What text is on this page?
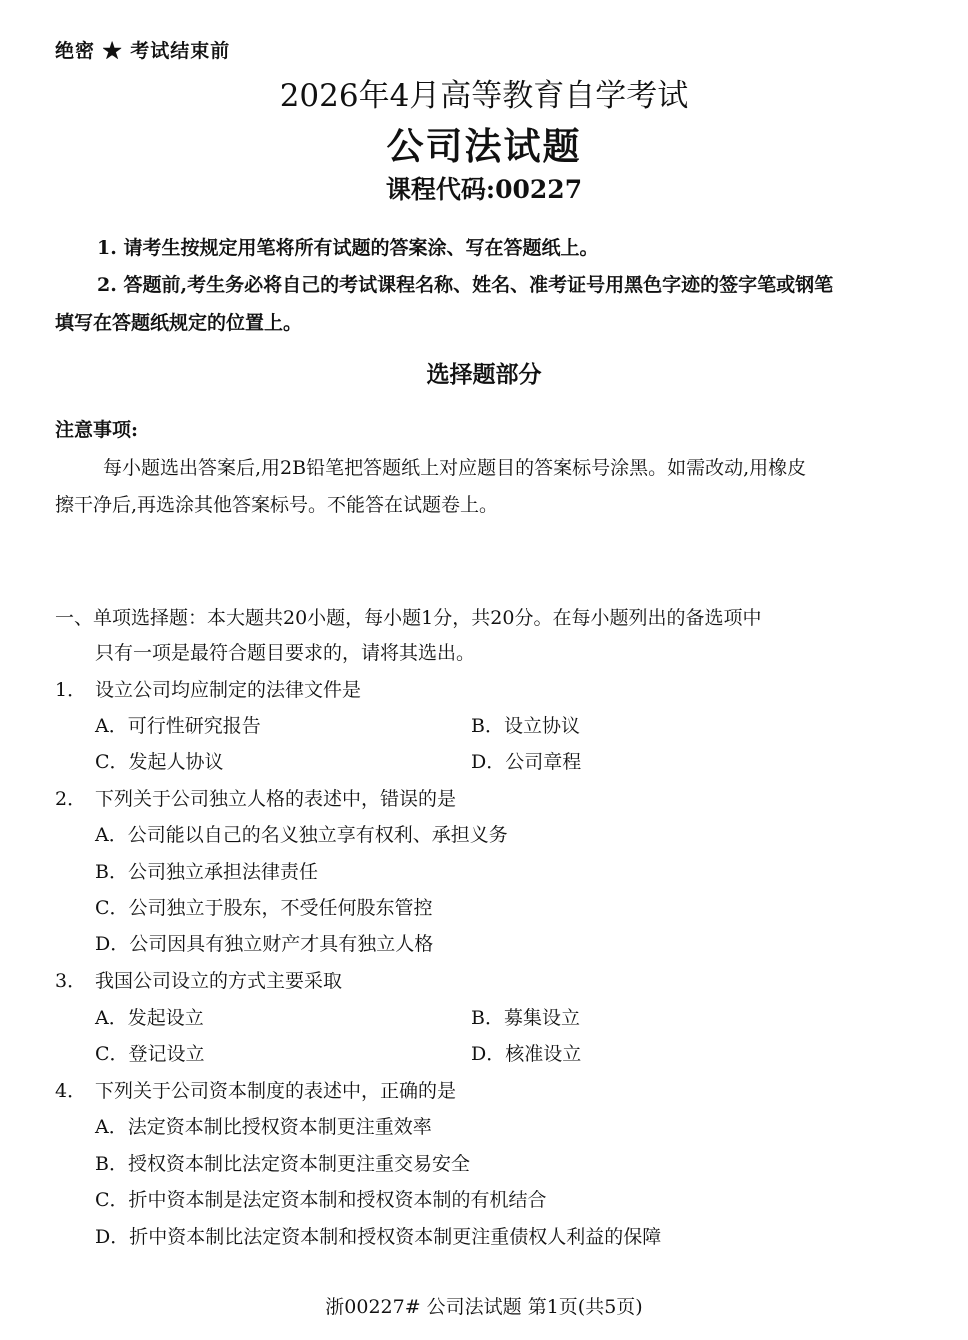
绝密 ★ 考试结束前
2026年4月高等教育自学考试
公司法试题
课程代码:00227
1. 请考生按规定用笔将所有试题的答案涂、写在答题纸上。
2. 答题前,考生务必将自己的考试课程名称、姓名、准考证号用黑色字迹的签字笔或钢笔
填写在答题纸规定的位置上。
选择题部分
注意事项:
每小题选出答案后,用2B铅笔把答题纸上对应题目的答案标号涂黑。如需改动,用橡皮
擦干净后,再选涂其他答案标号。不能答在试题卷上。
一、单项选择题：本大题共20小题，每小题1分，共20分。在每小题列出的备选项中
只有一项是最符合题目要求的，请将其选出。
1． 设立公司均应制定的法律文件是
A．可行性研究报告	B．设立协议
C．发起人协议	D．公司章程
2． 下列关于公司独立人格的表述中，错误的是
A．公司能以自己的名义独立享有权利、承担义务
B．公司独立承担法律责任
C．公司独立于股东，不受任何股东管控
D．公司因具有独立财产才具有独立人格
3． 我国公司设立的方式主要采取
A．发起设立	B．募集设立
C．登记设立	D．核准设立
4． 下列关于公司资本制度的表述中，正确的是
A．法定资本制比授权资本制更注重效率
B．授权资本制比法定资本制更注重交易安全
C．折中资本制是法定资本制和授权资本制的有机结合
D．折中资本制比法定资本制和授权资本制更注重债权人利益的保障
浙00227# 公司法试题 第1页(共5页)
